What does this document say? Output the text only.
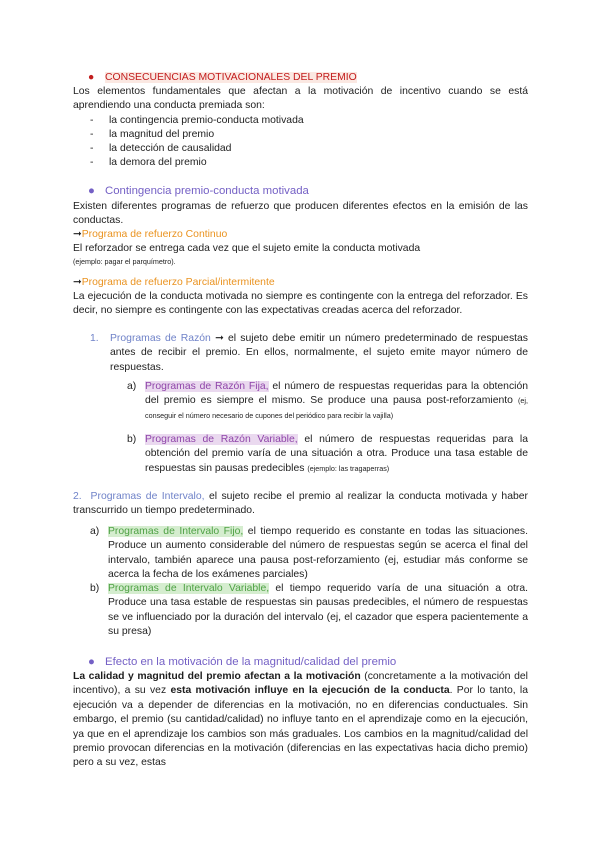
● CONSECUENCIAS MOTIVACIONALES DEL PREMIO

Los elementos fundamentales que afectan a la motivación de incentivo cuando se está aprendiendo una conducta premiada son:

- la contingencia premio-conducta motivada
- la magnitud del premio
- la detección de causalidad
- la demora del premio
● Contingencia premio-conducta motivada

Existen diferentes programas de refuerzo que producen diferentes efectos en la emisión de las conductas.

➞Programa de refuerzo Continuo

El reforzador se entrega cada vez que el sujeto emite la conducta motivada

(ejemplo: pagar el parquímetro).

➞Programa de refuerzo Parcial/intermitente

La ejecución de la conducta motivada no siempre es contingente con la entrega del reforzador. Es decir, no siempre es contingente con las expectativas creadas acerca del reforzador.

1. Programas de Razón ➞ el sujeto debe emitir un número predeterminado de respuestas antes de recibir el premio. En ellos, normalmente, el sujeto emite mayor número de respuestas.

a) Programas de Razón Fija, el número de respuestas requeridas para la obtención del premio es siempre el mismo. Se produce una pausa post-reforzamiento (ej, conseguir el número necesario de cupones del periódico para recibir la vajilla)

b) Programas de Razón Variable, el número de respuestas requeridas para la obtención del premio varía de una situación a otra. Produce una tasa estable de respuestas sin pausas predecibles (ejemplo: las tragaperras)

2. Programas de Intervalo, el sujeto recibe el premio al realizar la conducta motivada y haber transcurrido un tiempo predeterminado.

a) Programas de Intervalo Fijo, el tiempo requerido es constante en todas las situaciones. Produce un aumento considerable del número de respuestas según se acerca el final del intervalo, también aparece una pausa post-reforzamiento (ej, estudiar más conforme se acerca la fecha de los exámenes parciales)

b) Programas de Intervalo Variable, el tiempo requerido varía de una situación a otra. Produce una tasa estable de respuestas sin pausas predecibles, el número de respuestas se ve influenciado por la duración del intervalo (ej, el cazador que espera pacientemente a su presa)

● Efecto en la motivación de la magnitud/calidad del premio

La calidad y magnitud del premio afectan a la motivación (concretamente a la motivación del incentivo), a su vez esta motivación influye en la ejecución de la conducta. Por lo tanto, la ejecución va a depender de diferencias en la motivación, no en diferencias conductuales. Sin embargo, el premio (su cantidad/calidad) no influye tanto en el aprendizaje como en la ejecución, ya que en el aprendizaje los cambios son más graduales. Los cambios en la magnitud/calidad del premio provocan diferencias en la motivación (diferencias en las expectativas hacia dicho premio) pero a su vez, estas
